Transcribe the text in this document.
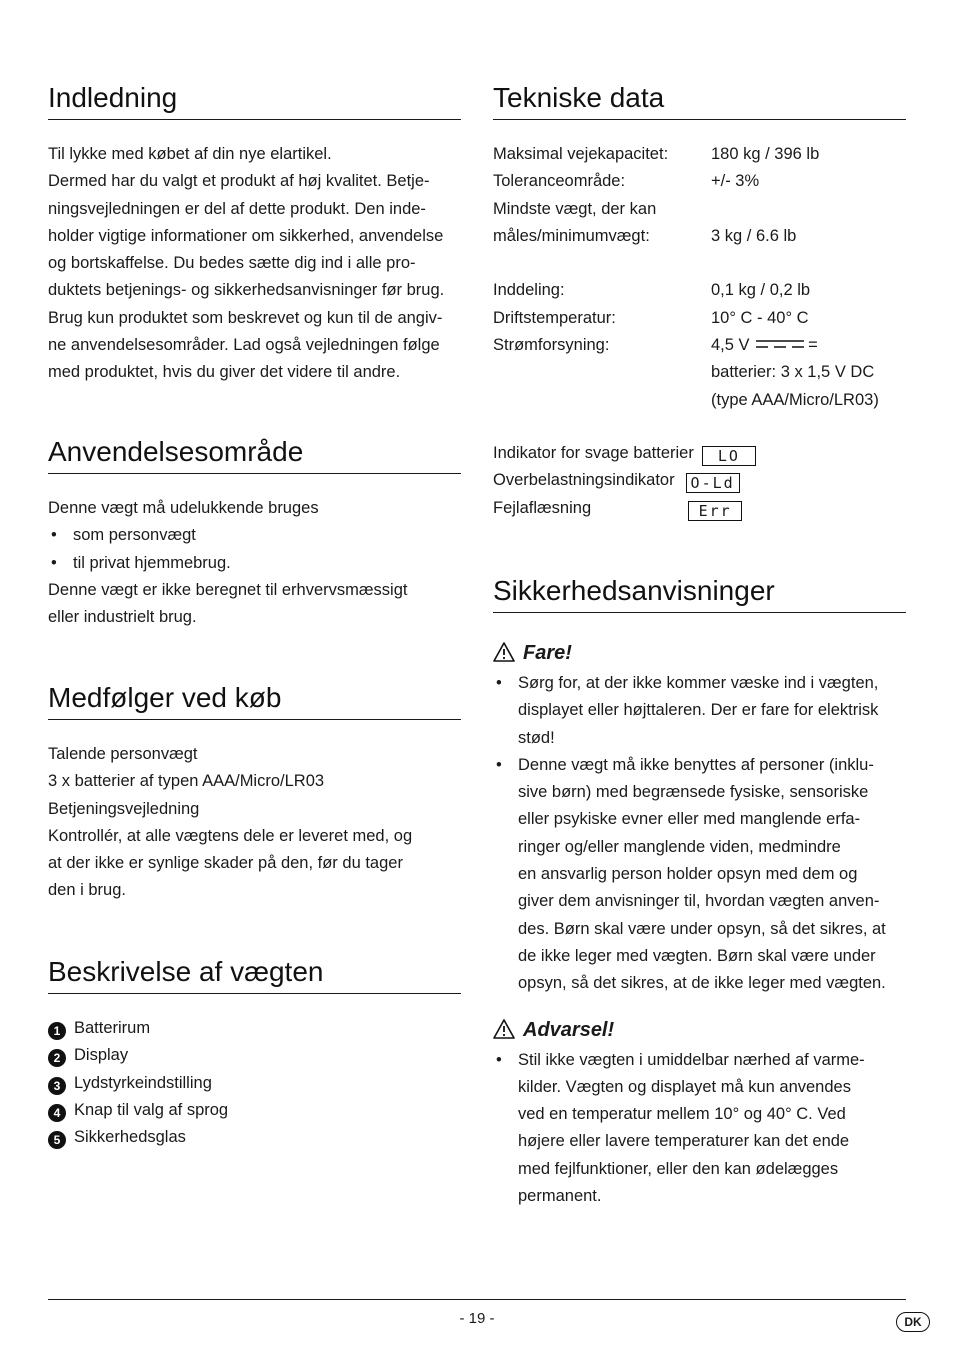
Indledning

Til lykke med købet af din nye elartikel.

Dermed har du valgt et produkt af høj kvalitet. Betje-

ningsvejledningen er del af dette produkt. Den inde-

holder vigtige informationer om sikkerhed, anvendelse

og bortskaffelse. Du bedes sætte dig ind i alle pro-

duktets betjenings- og sikkerhedsanvisninger før brug.

Brug kun produktet som beskrevet og kun til de angiv-

ne anvendelsesområder. Lad også vejledningen følge

med produktet, hvis du giver det videre til andre.

Anvendelsesområde

Denne vægt må udelukkende bruges

• som personvægt
• til privat hjemmebrug.

Denne vægt er ikke beregnet til erhvervsmæssigt

eller industrielt brug.

Medfølger ved køb

Talende personvægt

3 x batterier af typen AAA/Micro/LR03

Betjeningsvejledning

Kontrollér, at alle vægtens dele er leveret med, og

at der ikke er synlige skader på den, før du tager

den i brug.

Beskrivelse af vægten

1 Batterirum

2 Display

3 Lydstyrkeindstilling

4 Knap til valg af sprog

5 Sikkerhedsglas

Tekniske data
Maksimal vejekapacitet:	180 kg / 396 lb
Toleranceområde:	+/- 3%
Mindste vægt, der kan	
måles/minimumvægt:	3 kg / 6.6 lb

Inddeling:	0,1 kg / 0,2 lb
Driftstemperatur:	10° C - 40° C
Strømforsyning:	4,5 V =
	batterier: 3 x 1,5 V DC
	(type AAA/Micro/LR03)
Indikator for svage batterier LO
Overbelastningsindikator O-Ld
Fejlaflæsning	Err
Sikkerhedsanvisninger
Fare!
• Sørg for, at der ikke kommer væske ind i vægten,
displayet eller højttaleren. Der er fare for elektrisk
stød!
• Denne vægt må ikke benyttes af personer (inklu-
sive børn) med begrænsede fysiske, sensoriske
eller psykiske evner eller med manglende erfa-
ringer og/eller manglende viden, medmindre
en ansvarlig person holder opsyn med dem og
giver dem anvisninger til, hvordan vægten anven-
des. Børn skal være under opsyn, så det sikres, at
de ikke leger med vægten. Børn skal være under
opsyn, så det sikres, at de ikke leger med vægten.
Advarsel!
• Stil ikke vægten i umiddelbar nærhed af varme-
kilder. Vægten og displayet må kun anvendes
ved en temperatur mellem 10° og 40° C. Ved
højere eller lavere temperaturer kan det ende
med fejlfunktioner, eller den kan ødelægges
permanent.
- 19 -	DK
